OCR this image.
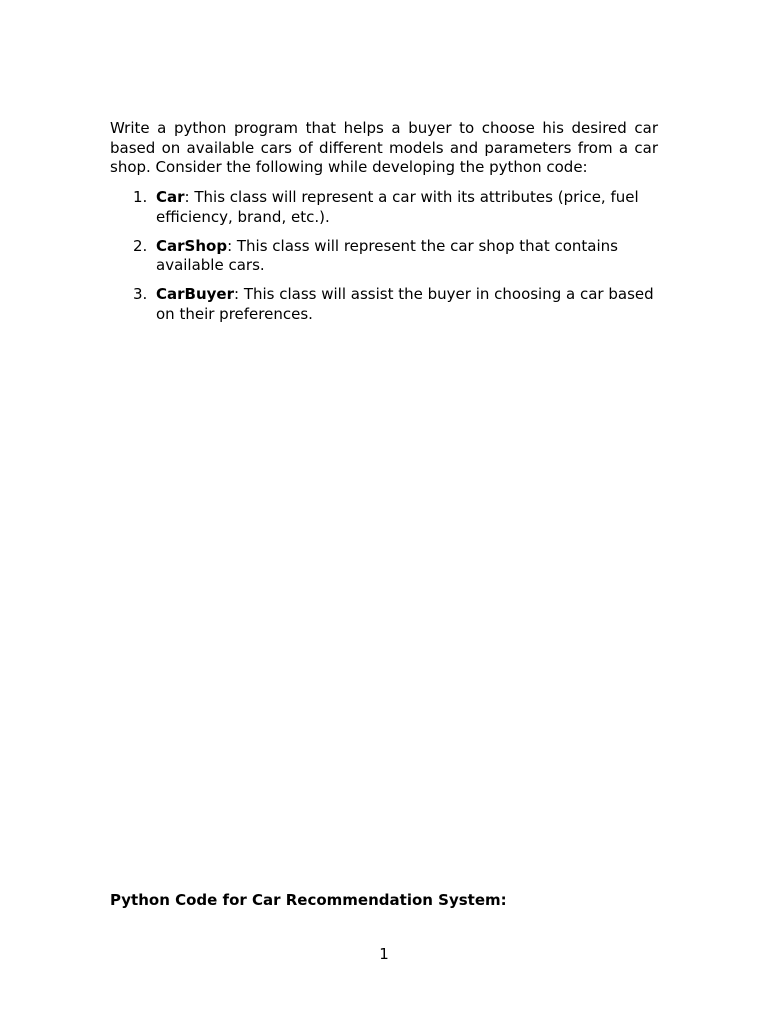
Write a python program that helps a buyer to choose his desired car based on available cars of different models and parameters from a car shop. Consider the following while developing the python code:

1. Car: This class will represent a car with its attributes (price, fuel efficiency, brand, etc.).
2. CarShop: This class will represent the car shop that contains available cars.
3. CarBuyer: This class will assist the buyer in choosing a car based on their preferences.
Python Code for Car Recommendation System:
1
